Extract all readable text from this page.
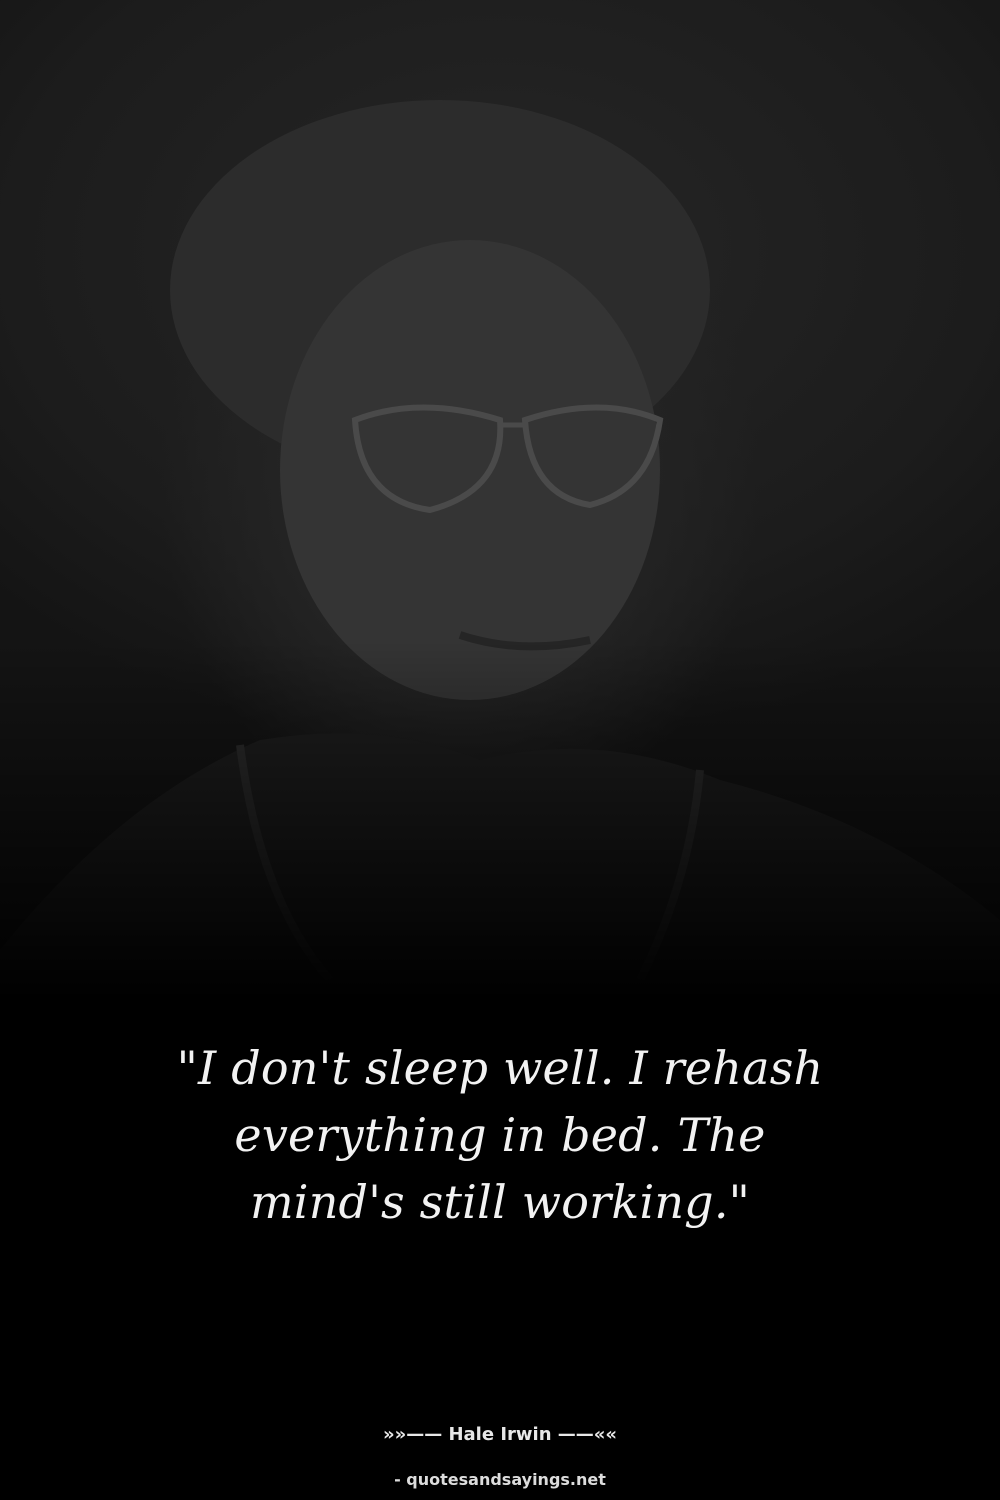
"I don't sleep well. I rehash everything in bed. The mind's still working."

»»—— Hale Irwin ——««
- quotesandsayings.net
